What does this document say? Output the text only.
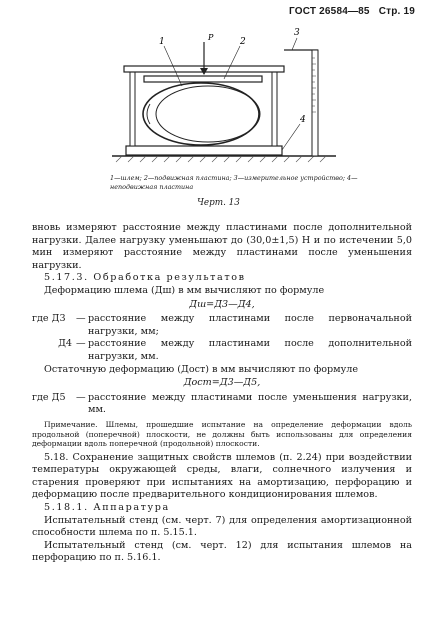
ГОСТ 26584—85 Стр. 19
1	P	2
3
4
1—шлем; 2—подвижная пластина; 3—измерительное устройство; 4—неподвижная пластина
Черт. 13

вновь измеряют расстояние между пластинами после дополнительной нагрузки. Далее нагрузку уменьшают до (30,0±1,5) Н и по истечении 5,0 мин измеряют расстояние между пластинами после уменьшения нагрузки.

5.17.3. Обработка результатов

Деформацию шлема (Дш) в мм вычисляют по формуле

Дш=Д3—Д4,

где Д3	— расстояние между пластинами после первоначальной нагрузки, мм;
Д4 — расстояние между пластинами после дополнительной нагрузки, мм.

Остаточную деформацию (Дост) в мм вычисляют по формуле

Дост=Д3—Д5,

где Д5	— расстояние между пластинами после уменьшения нагрузки, мм.

Примечание. Шлемы, прошедшие испытание на определение деформации вдоль продольной (поперечной) плоскости, не должны быть использованы для определения деформации вдоль поперечной (продольной) плоскости.

5.18. Сохранение защитных свойств шлемов (п. 2.24) при воздействии температуры окружающей среды, влаги, солнечного излучения и старения проверяют при испытаниях на амортизацию, перфорацию и деформацию после предварительного кондиционирования шлемов.

5.18.1. Аппаратура

Испытательный стенд (см. черт. 7) для определения амортизационной способности шлема по п. 5.15.1.

Испытательный стенд (см. черт. 12) для испытания шлемов на перфорацию по п. 5.16.1.
